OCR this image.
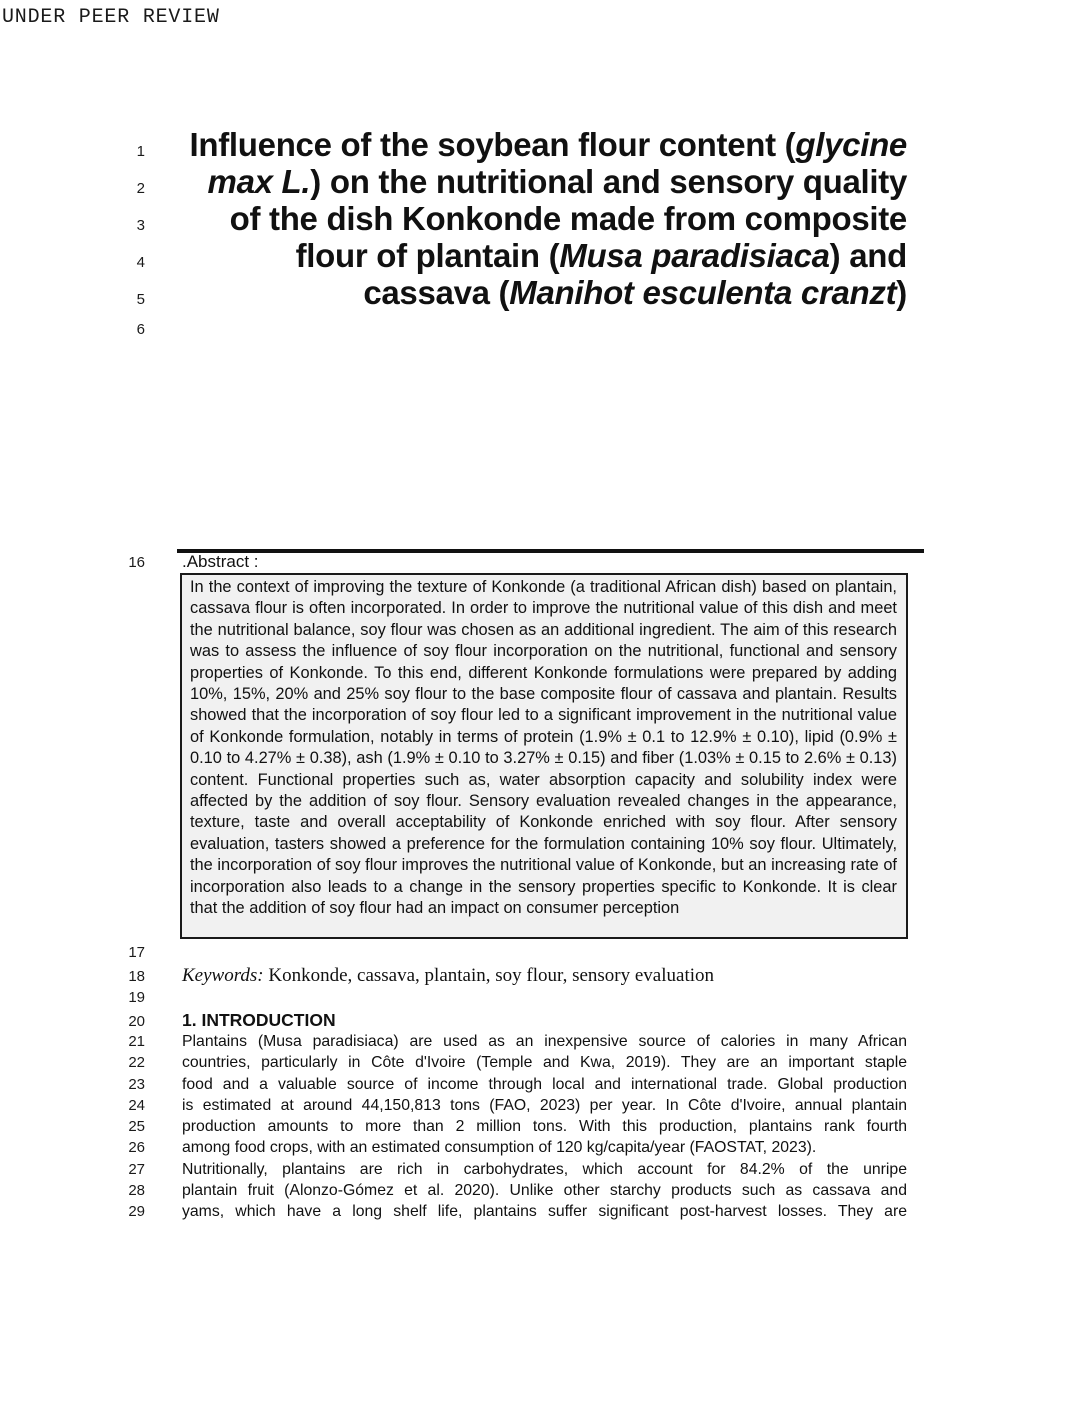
UNDER PEER REVIEW
1 Influence of the soybean flour content (glycine
2	max L.) on the nutritional and sensory quality
3	of the dish Konkonde made from composite
4	flour of plantain (Musa paradisiaca) and
5	cassava (Manihot esculenta cranzt)
6
16 .Abstract :

In the context of improving the texture of Konkonde (a traditional African dish) based on plantain, cassava flour is often incorporated. In order to improve the nutritional value of this dish and meet the nutritional balance, soy flour was chosen as an additional ingredient. The aim of this research was to assess the influence of soy flour incorporation on the nutritional, functional and sensory properties of Konkonde. To this end, different Konkonde formulations were prepared by adding 10%, 15%, 20% and 25% soy flour to the base composite flour of cassava and plantain. Results showed that the incorporation of soy flour led to a significant improvement in the nutritional value of Konkonde formulation, notably in terms of protein (1.9% ± 0.1 to 12.9% ± 0.10), lipid (0.9% ± 0.10 to 4.27% ± 0.38), ash (1.9% ± 0.10 to 3.27% ± 0.15) and fiber (1.03% ± 0.15 to 2.6% ± 0.13) content. Functional properties such as, water absorption capacity and solubility index were affected by the addition of soy flour. Sensory evaluation revealed changes in the appearance, texture, taste and overall acceptability of Konkonde enriched with soy flour. After sensory evaluation, tasters showed a preference for the formulation containing 10% soy flour. Ultimately, the incorporation of soy flour improves the nutritional value of Konkonde, but an increasing rate of incorporation also leads to a change in the sensory properties specific to Konkonde. It is clear that the addition of soy flour had an impact on consumer perception

17
18 Keywords: Konkonde, cassava, plantain, soy flour, sensory evaluation
19
20 1. INTRODUCTION
21 Plantains (Musa paradisiaca) are used as an inexpensive source of calories in many African
22 countries, particularly in Côte d'Ivoire (Temple and Kwa, 2019). They are an important staple
23 food and a valuable source of income through local and international trade. Global production
24 is estimated at around 44,150,813 tons (FAO, 2023) per year. In Côte d'Ivoire, annual plantain
25 production amounts to more than 2 million tons. With this production, plantains rank fourth
26 among food crops, with an estimated consumption of 120 kg/capita/year (FAOSTAT, 2023).
27 Nutritionally, plantains are rich in carbohydrates, which account for 84.2% of the unripe
28 plantain fruit (Alonzo-Gómez et al. 2020). Unlike other starchy products such as cassava and
29 yams, which have a long shelf life, plantains suffer significant post-harvest losses. They are
